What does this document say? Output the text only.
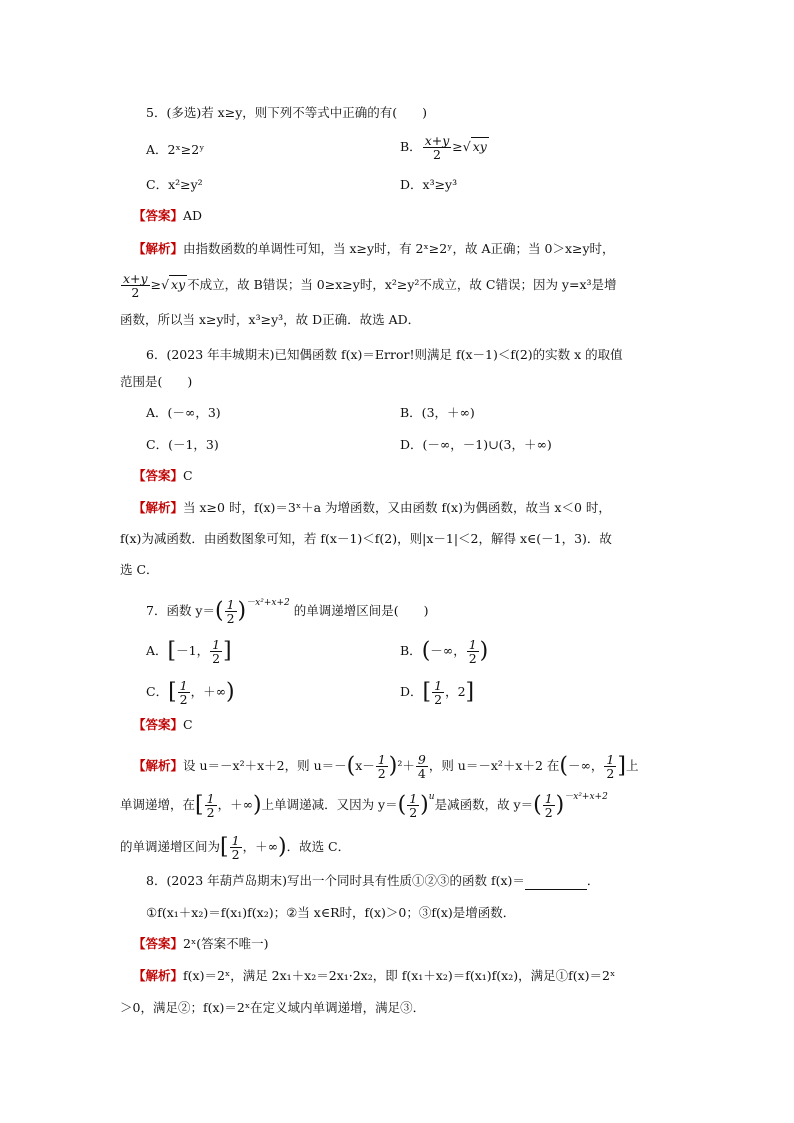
5．(多选)若 x≥y，则下列不等式中正确的有(　　)
A．2ˣ≥2ʸ	B． $\frac{x+y}{2}$ ≥√ xy
C．x²≥y²	D．x³≥y³
【答案】AD
【解析】由指数函数的单调性可知，当 x≥y时，有 2ˣ≥2ʸ，故 A正确；当 0＞x≥y时，
$\frac{x+y}{2}$ ≥√ xy 不成立，故 B错误；当 0≥x≥y时，x²≥y²不成立，故 C错误；因为 y=x³是增
函数，所以当 x≥y时，x³≥y³，故 D正确．故选 AD．
6．(2023 年丰城期末)已知偶函数 f(x)＝Error!则满足 f(x－1)＜f(2)的实数 x 的取值
范围是(　　)
A．(－∞，3)	B．(3，＋∞)
C．(－1，3)	D．(－∞，－1)∪(3，＋∞)
【答案】C
【解析】当 x≥0 时，f(x)＝3ˣ＋a 为增函数，又由函数 f(x)为偶函数，故当 x＜0 时，
f(x)为减函数．由函数图象可知，若 f(x－1)＜f(2)，则|x－1|＜2，解得 x∈(－1，3)．故
选 C．
7．函数 $y=( \frac{1}{2} )^{-x^2+x+2}$ 的单调递增区间是(　　)
A．[－1， $\frac{1}{2}$ ]	B．(－∞， $\frac{1}{2}$ )
C．[ $\frac{1}{2}$ ，＋∞)	D．[ $\frac{1}{2}$ ，2]
【答案】C
【解析】设 u＝－x²＋x＋2，则 $u=-(x- \frac{1}{2} )^2+ \frac{9}{4}$ ，则 u＝－x²＋x＋2 在(－∞， $\frac{1}{2}$ ]上
单调递增，在[ $\frac{1}{2}$ ，＋∞)上单调递减．又因为 $y=( \frac{1}{2} )^u$是减函数，故 $y=( \frac{1}{2} )^{-x^2+x+2}$
的单调递增区间为[ $\frac{1}{2}$ ，＋∞)．故选 C．
8．(2023 年葫芦岛期末)写出一个同时具有性质①②③的函数 f(x)＝	．
①f(x₁＋x₂)＝f(x₁)f(x₂)；②当 x∈R时，f(x)＞0；③f(x)是增函数．
【答案】2ˣ(答案不唯一)
【解析】f(x)＝2ˣ，满足 2x₁＋x₂＝2x₁·2x₂，即 f(x₁＋x₂)＝f(x₁)f(x₂)，满足①f(x)＝2ˣ
＞0，满足②；f(x)＝2ˣ在定义域内单调递增，满足③．
